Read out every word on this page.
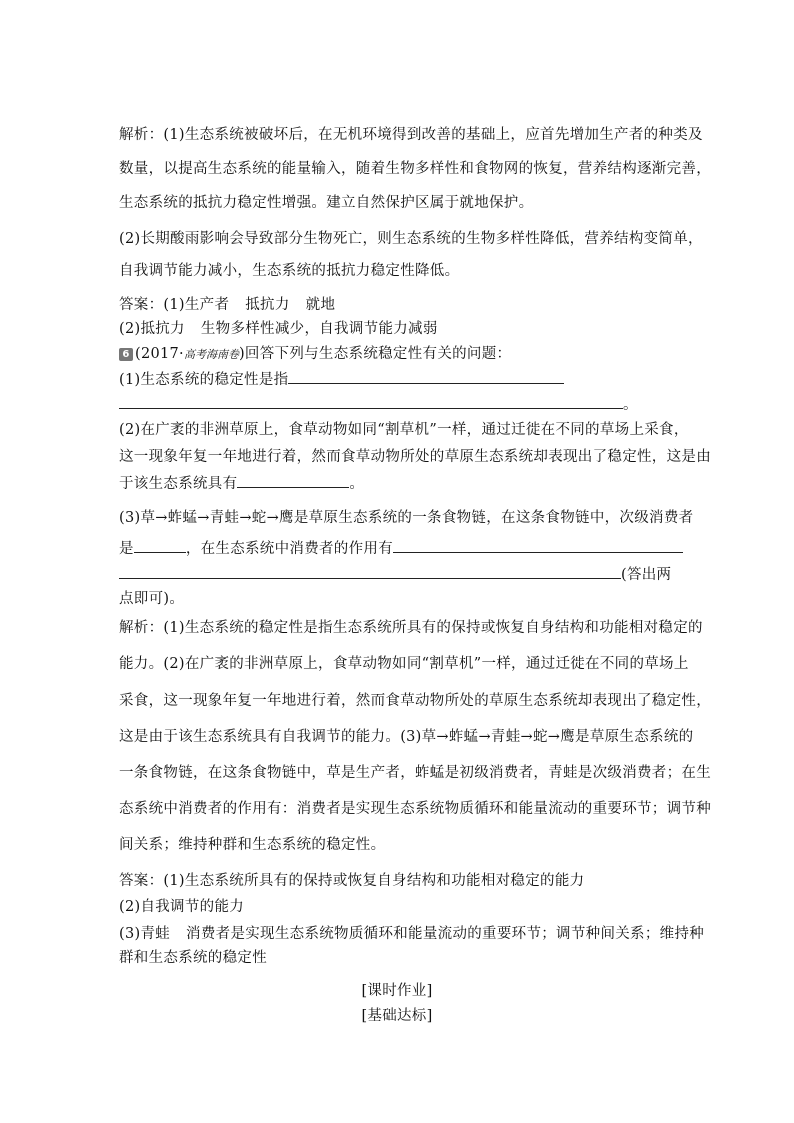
解析：(1)生态系统被破坏后，在无机环境得到改善的基础上，应首先增加生产者的种类及
数量，以提高生态系统的能量输入，随着生物多样性和食物网的恢复，营养结构逐渐完善，
生态系统的抵抗力稳定性增强。建立自然保护区属于就地保护。
(2)长期酸雨影响会导致部分生物死亡，则生态系统的生物多样性降低，营养结构变简单，
自我调节能力减小，生态系统的抵抗力稳定性降低。
答案：(1)生产者 抵抗力 就地
(2)抵抗力 生物多样性减少，自我调节能力减弱
6 (2017·高考海南卷)回答下列与生态系统稳定性有关的问题：
(1)生态系统的稳定性是指
。
(2)在广袤的非洲草原上，食草动物如同“割草机”一样，通过迁徙在不同的草场上采食，
这一现象年复一年地进行着，然而食草动物所处的草原生态系统却表现出了稳定性，这是由
于该生态系统具有	。
(3)草→蚱蜢→青蛙→蛇→鹰是草原生态系统的一条食物链，在这条食物链中，次级消费者
是	，在生态系统中消费者的作用有
(答出两
点即可)。
解析：(1)生态系统的稳定性是指生态系统所具有的保持或恢复自身结构和功能相对稳定的
能力。(2)在广袤的非洲草原上，食草动物如同“割草机”一样，通过迁徙在不同的草场上
采食，这一现象年复一年地进行着，然而食草动物所处的草原生态系统却表现出了稳定性，
这是由于该生态系统具有自我调节的能力。(3)草→蚱蜢→青蛙→蛇→鹰是草原生态系统的
一条食物链，在这条食物链中，草是生产者，蚱蜢是初级消费者，青蛙是次级消费者；在生
态系统中消费者的作用有：消费者是实现生态系统物质循环和能量流动的重要环节；调节种
间关系；维持种群和生态系统的稳定性。
答案：(1)生态系统所具有的保持或恢复自身结构和功能相对稳定的能力
(2)自我调节的能力
(3)青蛙 消费者是实现生态系统物质循环和能量流动的重要环节；调节种间关系；维持种
群和生态系统的稳定性
[课时作业]
[基础达标]
